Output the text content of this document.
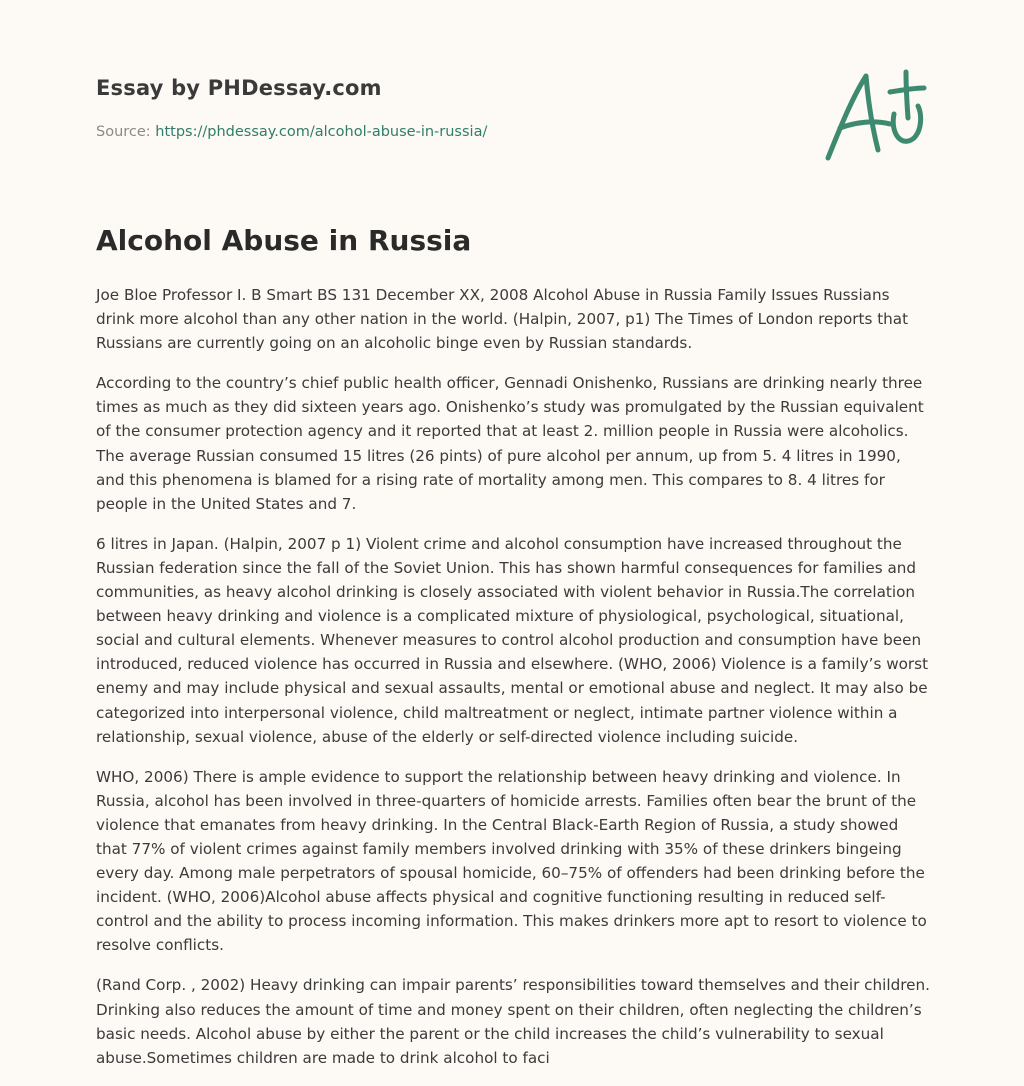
Essay by PHDessay.com
Source: https://phdessay.com/alcohol-abuse-in-russia/
Alcohol Abuse in Russia

Joe Bloe Professor I. B Smart BS 131 December XX, 2008 Alcohol Abuse in Russia Family Issues Russians drink more alcohol than any other nation in the world. (Halpin, 2007, p1) The Times of London reports that Russians are currently going on an alcoholic binge even by Russian standards.

According to the country’s chief public health officer, Gennadi Onishenko, Russians are drinking nearly three times as much as they did sixteen years ago. Onishenko’s study was promulgated by the Russian equivalent of the consumer protection agency and it reported that at least 2. million people in Russia were alcoholics. The average Russian consumed 15 litres (26 pints) of pure alcohol per annum, up from 5. 4 litres in 1990, and this phenomena is blamed for a rising rate of mortality among men. This compares to 8. 4 litres for people in the United States and 7.

6 litres in Japan. (Halpin, 2007 p 1) Violent crime and alcohol consumption have increased throughout the Russian federation since the fall of the Soviet Union. This has shown harmful consequences for families and communities, as heavy alcohol drinking is closely associated with violent behavior in Russia.The correlation between heavy drinking and violence is a complicated mixture of physiological, psychological, situational, social and cultural elements. Whenever measures to control alcohol production and consumption have been introduced, reduced violence has occurred in Russia and elsewhere. (WHO, 2006) Violence is a family’s worst enemy and may include physical and sexual assaults, mental or emotional abuse and neglect. It may also be categorized into interpersonal violence, child maltreatment or neglect, intimate partner violence within a relationship, sexual violence, abuse of the elderly or self-directed violence including suicide.

WHO, 2006) There is ample evidence to support the relationship between heavy drinking and violence. In Russia, alcohol has been involved in three-quarters of homicide arrests. Families often bear the brunt of the violence that emanates from heavy drinking. In the Central Black-Earth Region of Russia, a study showed that 77% of violent crimes against family members involved drinking with 35% of these drinkers bingeing every day. Among male perpetrators of spousal homicide, 60–75% of offenders had been drinking before the incident. (WHO, 2006)Alcohol abuse affects physical and cognitive functioning resulting in reduced self-control and the ability to process incoming information. This makes drinkers more apt to resort to violence to resolve conflicts.

(Rand Corp. , 2002) Heavy drinking can impair parents’ responsibilities toward themselves and their children. Drinking also reduces the amount of time and money spent on their children, often neglecting the children’s basic needs. Alcohol abuse by either the parent or the child increases the child’s vulnerability to sexual abuse.Sometimes children are made to drink alcohol to faci
